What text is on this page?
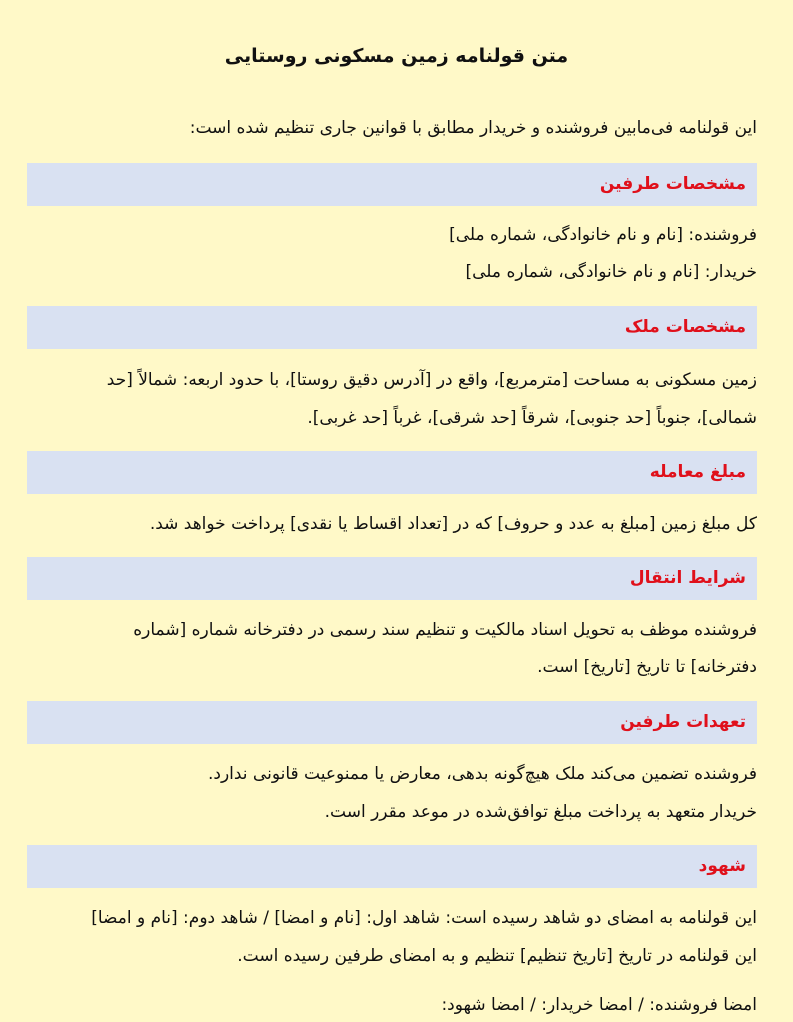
متن قولنامه زمین مسکونی روستایی
این قولنامه فی‌مابین فروشنده و خریدار مطابق با قوانین جاری تنظیم شده است:
مشخصات طرفین
فروشنده: [نام و نام خانوادگی، شماره ملی]
خریدار: [نام و نام خانوادگی، شماره ملی]
مشخصات ملک
زمین مسکونی به مساحت [مترمربع]، واقع در [آدرس دقیق روستا]، با حدود اربعه: شمالاً [حد
شمالی]، جنوباً [حد جنوبی]، شرقاً [حد شرقی]، غرباً [حد غربی].
مبلغ معامله
کل مبلغ زمین [مبلغ به عدد و حروف] که در [تعداد اقساط یا نقدی] پرداخت خواهد شد.
شرایط انتقال
فروشنده موظف به تحویل اسناد مالکیت و تنظیم سند رسمی در دفترخانه شماره [شماره
دفترخانه] تا تاریخ [تاریخ] است.
تعهدات طرفین
فروشنده تضمین می‌کند ملک هیچ‌گونه بدهی، معارض یا ممنوعیت قانونی ندارد.
خریدار متعهد به پرداخت مبلغ توافق‌شده در موعد مقرر است.
شهود
این قولنامه به امضای دو شاهد رسیده است: شاهد اول: [نام و امضا] / شاهد دوم: [نام و امضا]
این قولنامه در تاریخ [تاریخ تنظیم] تنظیم و به امضای طرفین رسیده است.
امضا فروشنده: / امضا خریدار: / امضا شهود:
